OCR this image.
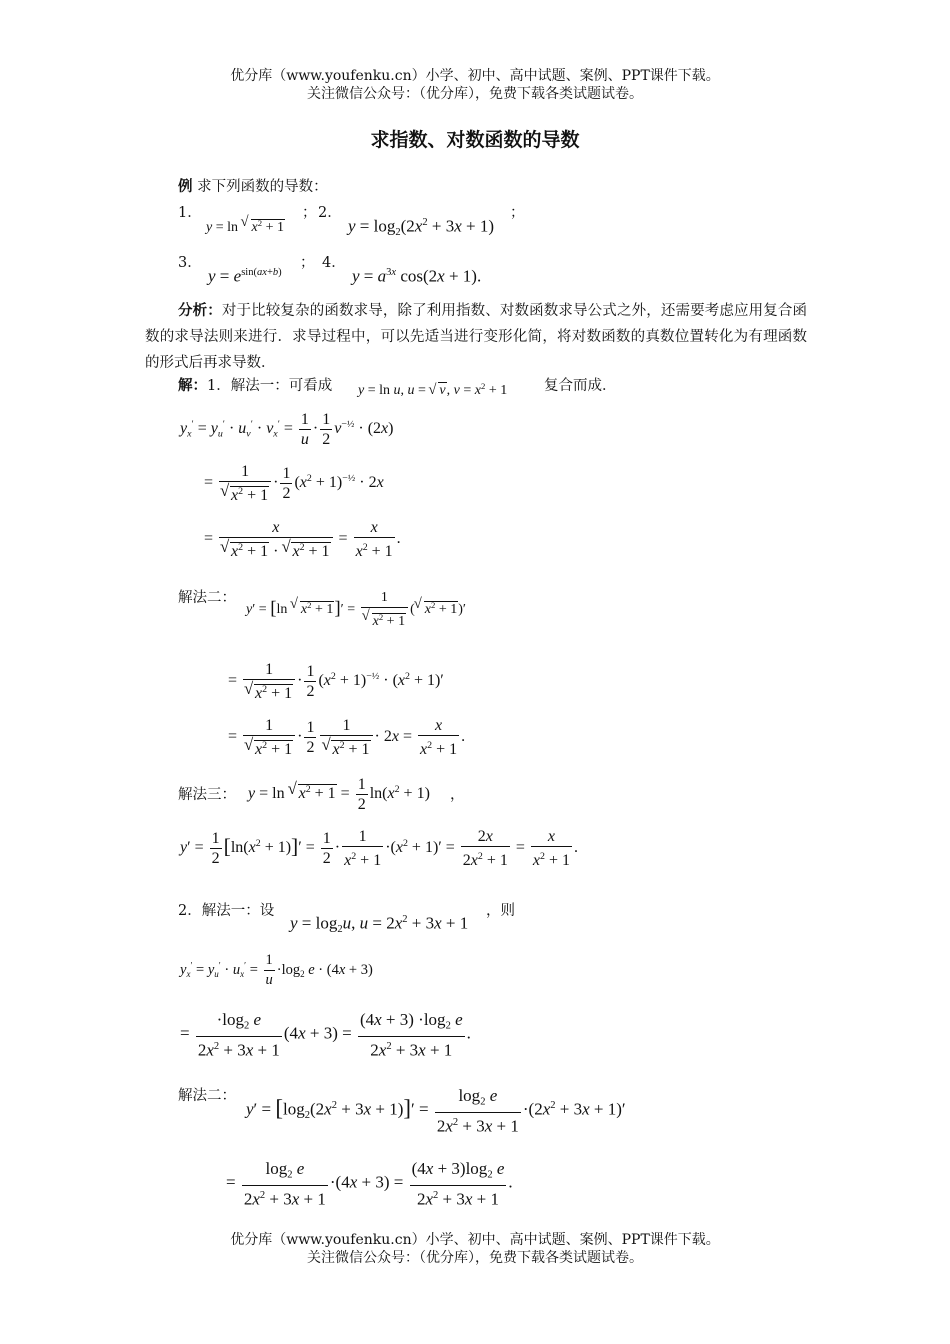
优分库（www.youfenku.cn）小学、初中、高中试题、案例、PPT课件下载。
关注微信公众号：（优分库），免费下载各类试题试卷。
求指数、对数函数的导数
例 求下列函数的导数：
1．
y = ln √ $x^2 + 1$
； 2．
$y = \log_2(2x^2 + 3x + 1)$
；
3．
$y = e^{sin(ax+b)}$
； 4．
$y = a^{3x}$ cos(2x + 1).
分析：对于比较复杂的函数求导，除了利用指数、对数函数求导公式之外，还需要考虑应用复合函数的求导法则来进行．求导过程中，可以先适当进行变形化简，将对数函数的真数位置转化为有理函数的形式后再求导数．
解：1．解法一：可看成 y = ln u, u = √ v, $v = x^2 + 1$	复合而成．
$y_x' = y_u' \cdot u_v' \cdot v_x' = \frac{1}{u} \cdot \frac{1}{2} v^{-\frac{1}{2}} \cdot (2x)$
= 1
√ $x^2 + 1 \cdot \frac{1}{2} (x^2 + 1)^{-\frac{1}{2}} \cdot 2x$
= x
√ $x^2 + 1$ · √ $x^2 + 1 = \frac{x}{x^2 + 1}$ .
解法二：
y′ = [ln √ $x^2 + 1]' = 1$
√ $x^2 + 1$ (√ $x^2 + 1)'$
= 1
√ $x^2 + 1 \cdot \frac{1}{2} (x^2 + 1)^{-\frac{1}{2}} \cdot (x^2 + 1)'$
= 1
√ $x^2 + 1 \cdot \frac{1}{2} 1$
√ $x^2 + 1 \cdot 2x = \frac{x}{x^2 + 1}$ .
解法三： y = ln √ $x^2 + 1 = \frac{1}{2} \ln(x^2 + 1)$ ，
$y' = \frac{1}{2} [\ln(x^2 + 1)]' = \frac{1}{2} \cdot \frac{1}{x^2 + 1} \cdot(x^2 + 1)' = \frac{2x}{2x^2 + 1} = \frac{x}{x^2 + 1}$ .
2．解法一：设
$y = \log_2u$, $u = 2x^2 + 3x + 1$
，则
$y_x' = y_u' \cdot u_x' = \frac{1}{u} \cdot\log_2$ e · (4x + 3)
= $\frac{\cdot\log_2 e}{2x^2 + 3x + 1} (4x + 3) = \frac{(4x + 3) \cdot\log_2 e}{2x^2 + 3x + 1}$ .
解法二：
$y' = [\log_2(2x^2 + 3x + 1)]' = \frac{\log_2 e}{2x^2 + 3x + 1} \cdot(2x^2 + 3x + 1)'$
= $\frac{\log_2 e}{2x^2 + 3x + 1} \cdot(4x + 3) = \frac{(4x + 3)\log_2 e}{2x^2 + 3x + 1}$ .
优分库（www.youfenku.cn）小学、初中、高中试题、案例、PPT课件下载。
关注微信公众号：（优分库），免费下载各类试题试卷。
